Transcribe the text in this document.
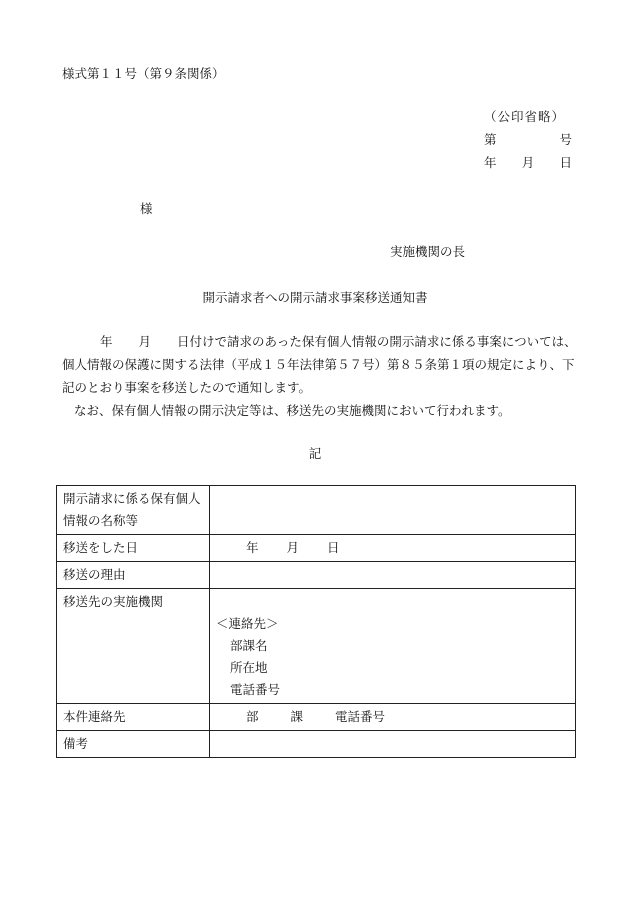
様式第１１号（第９条関係）
（公印省略）
第	号
年 月 日
様
実施機関の長
開示請求者への開示請求事案移送通知書
年 月 日付けで請求のあった保有個人情報の開示請求に係る事案については、
個人情報の保護に関する法律（平成１５年法律第５７号）第８５条第１項の規定により、下
記のとおり事案を移送したので通知します。
なお、保有個人情報の開示決定等は、移送先の実施機関において行われます。
記
開示請求に係る保有個人
情報の名称等	
移送をした日	年 月 日

移送の理由	
移送先の実施機関	＜連絡先＞
部課名
所在地
電話番号

本件連絡先	部 課 電話番号

備考	
